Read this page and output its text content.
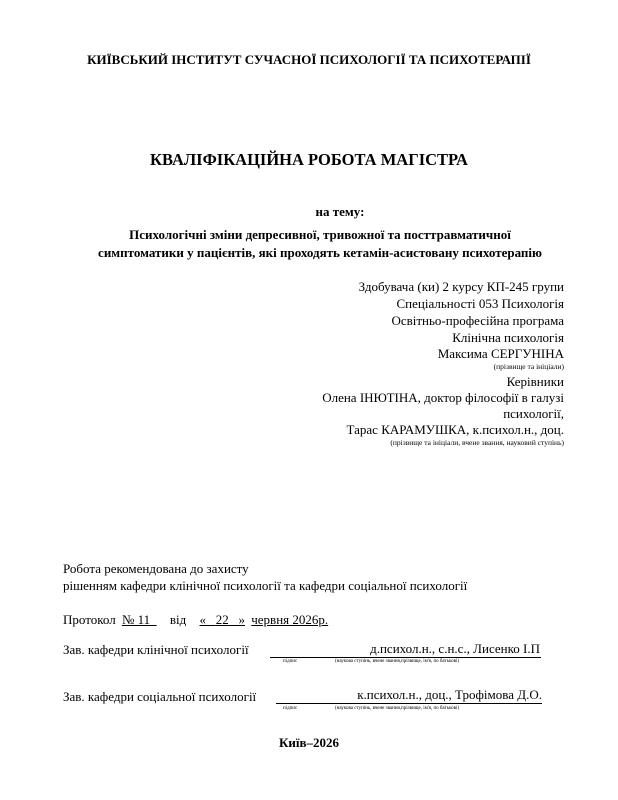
КИЇВСЬКИЙ ІНСТИТУТ СУЧАСНОЇ ПСИХОЛОГІЇ ТА ПСИХОТЕРАПІЇ
КВАЛІФІКАЦІЙНА РОБОТА МАГІСТРА
на тему:
Психологічні зміни депресивної, тривожної та посттравматичної
симптоматики у пацієнтів, які проходять кетамін-асистовану психотерапію
Здобувача (ки) 2 курсу КП-245 групи
Спеціальності 053 Психологія
Освітньо-професійна програма
Клінічна психологія
Максима СЕРГУНІНА
(прізвище та ініціали)
Керівники
Олена ІНЮТІНА, доктор філософії в галузі
психології,
Тарас КАРАМУШКА, к.психол.н., доц.
(прізвище та ініціали, вчене звання, науковий ступінь)
Робота рекомендована до захисту
рішенням кафедри клінічної психології та кафедри соціальної психології
Протокол № 11 від « 22 » червня 2026р.
Зав. кафедри клінічної психології	д.психол.н., с.н.с., Лисенко І.П
підпис	(наукова ступінь, вчене звання,прізвище, ім'я, по батькові)
Зав. кафедри соціальної психології	к.психол.н., доц., Трофімова Д.О.
підпис	(наукова ступінь, вчене звання,прізвище, ім'я, по батькові)
Київ–2026
